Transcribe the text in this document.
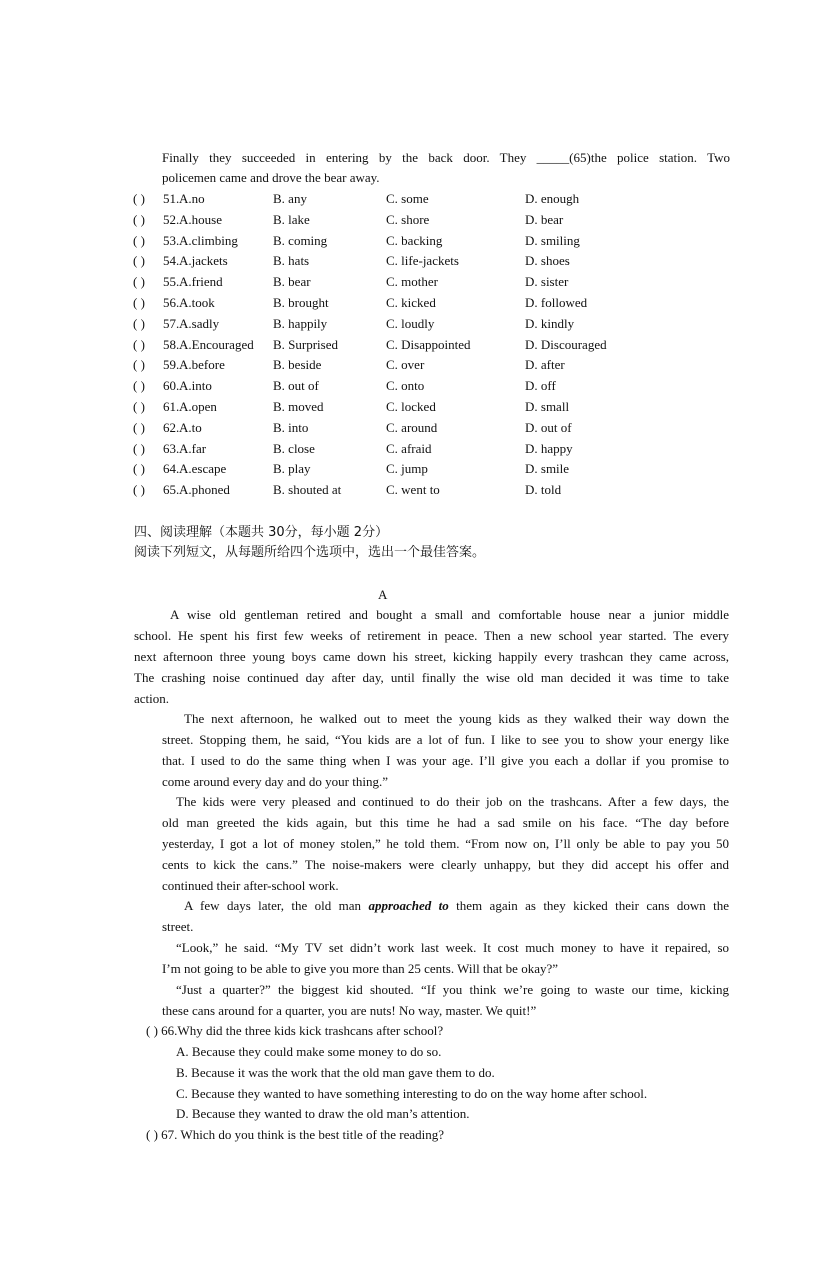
Finally they succeeded in entering by the back door. They _____(65)the police station. Two
policemen came and drove the bear away.
( ) 51. A.no	B. any	C. some	D. enough
( ) 52. A.house	B. lake	C. shore	D. bear
( ) 53. A.climbing	B. coming	C. backing	D. smiling
( ) 54. A.jackets	B. hats	C. life-jackets	D. shoes
( ) 55. A.friend	B. bear	C. mother	D. sister
( ) 56. A.took	B. brought	C. kicked	D. followed
( ) 57. A.sadly	B. happily	C. loudly	D. kindly
( ) 58. A.Encouraged B. Surprised	C. Disappointed	D. Discouraged
( ) 59. A.before	B. beside	C. over	D. after
( ) 60. A.into	B. out of	C. onto	D. off
( ) 61. A.open	B. moved	C. locked	D. small
( ) 62. A.to	B. into	C. around	D. out of
( ) 63. A.far	B. close	C. afraid	D. happy
( ) 64. A.escape	B. play	C. jump	D. smile
( ) 65. A.phoned	B. shouted at	C. went to	D. told
四、阅读理解（本题共 30分，每小题 2分）
阅读下列短文，从每题所给四个选项中，选出一个最佳答案。
A
A wise old gentleman retired and bought a small and comfortable house near a junior middle
school. He spent his first few weeks of retirement in peace. Then a new school year started. The every
next afternoon three young boys came down his street, kicking happily every trashcan they came across,
The crashing noise continued day after day, until finally the wise old man decided it was time to take
action.
The next afternoon, he walked out to meet the young kids as they walked their way down the
street. Stopping them, he said, “You kids are a lot of fun. I like to see you to show your energy like
that. I used to do the same thing when I was your age. I’ll give you each a dollar if you promise to
come around every day and do your thing.”
The kids were very pleased and continued to do their job on the trashcans. After a few days, the
old man greeted the kids again, but this time he had a sad smile on his face. “The day before
yesterday, I got a lot of money stolen,” he told them. “From now on, I’ll only be able to pay you 50
cents to kick the cans.” The noise-makers were clearly unhappy, but they did accept his offer and
continued their after-school work.
A few days later, the old man approached to them again as they kicked their cans down the
street.
“Look,” he said. “My TV set didn’t work last week. It cost much money to have it repaired, so
I’m not going to be able to give you more than 25 cents. Will that be okay?”
“Just a quarter?” the biggest kid shouted. “If you think we’re going to waste our time, kicking
these cans around for a quarter, you are nuts! No way, master. We quit!”
( ) 66.Why did the three kids kick trashcans after school?
A. Because they could make some money to do so.
B. Because it was the work that the old man gave them to do.
C. Because they wanted to have something interesting to do on the way home after school.
D. Because they wanted to draw the old man’s attention.
( ) 67. Which do you think is the best title of the reading?
